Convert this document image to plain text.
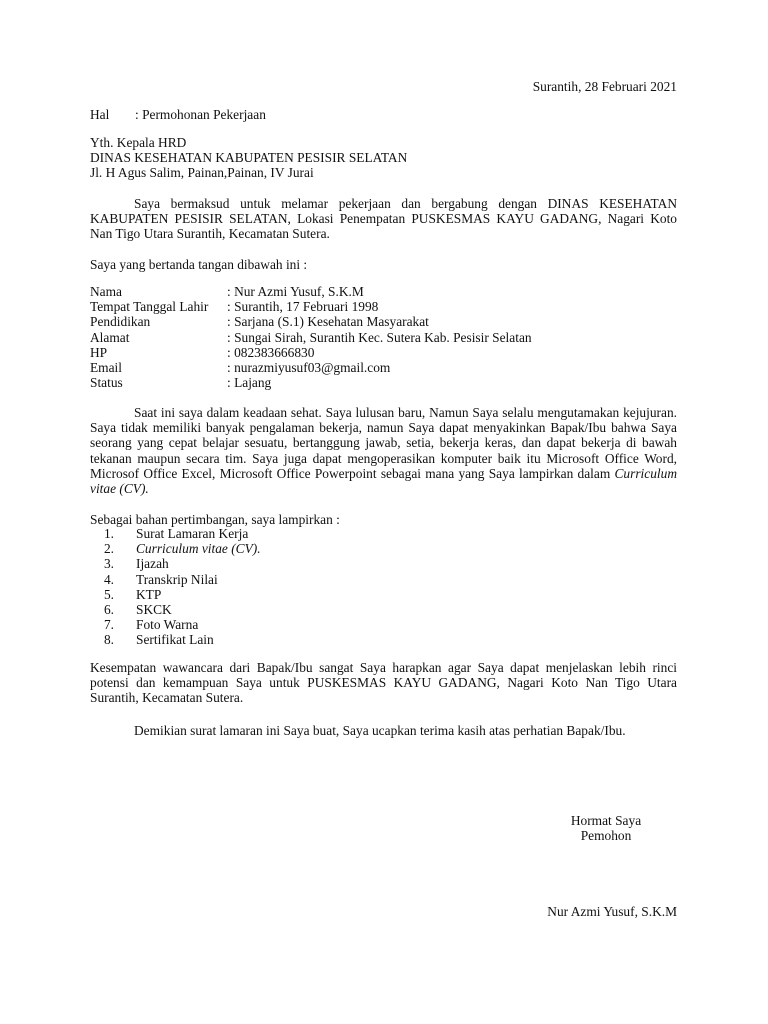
Surantih, 28 Februari 2021
Hal : Permohonan Pekerjaan
Yth. Kepala HRD
DINAS KESEHATAN KABUPATEN PESISIR SELATAN
Jl. H Agus Salim, Painan,Painan, IV Jurai
Saya bermaksud untuk melamar pekerjaan dan bergabung dengan DINAS KESEHATAN KABUPATEN PESISIR SELATAN, Lokasi Penempatan PUSKESMAS KAYU GADANG, Nagari Koto Nan Tigo Utara Surantih, Kecamatan Sutera.
Saya yang bertanda tangan dibawah ini :
Nama	: Nur Azmi Yusuf, S.K.M
Tempat Tanggal Lahir : Surantih, 17 Februari 1998
Pendidikan	: Sarjana (S.1) Kesehatan Masyarakat
Alamat	: Sungai Sirah, Surantih Kec. Sutera Kab. Pesisir Selatan
HP	: 082383666830
Email	: nurazmiyusuf03@gmail.com
Status	: Lajang
Saat ini saya dalam keadaan sehat. Saya lulusan baru, Namun Saya selalu mengutamakan kejujuran. Saya tidak memiliki banyak pengalaman bekerja, namun Saya dapat menyakinkan Bapak/Ibu bahwa Saya seorang yang cepat belajar sesuatu, bertanggung jawab, setia, bekerja keras, dan dapat bekerja di bawah tekanan maupun secara tim. Saya juga dapat mengoperasikan komputer baik itu Microsoft Office Word, Microsof Office Excel, Microsoft Office Powerpoint sebagai mana yang Saya lampirkan dalam Curriculum vitae (CV).
Sebagai bahan pertimbangan, saya lampirkan :
1. Surat Lamaran Kerja
2. Curriculum vitae (CV).
3. Ijazah
4. Transkrip Nilai
5. KTP
6. SKCK
7. Foto Warna
8. Sertifikat Lain
Kesempatan wawancara dari Bapak/Ibu sangat Saya harapkan agar Saya dapat menjelaskan lebih rinci potensi dan kemampuan Saya untuk PUSKESMAS KAYU GADANG, Nagari Koto Nan Tigo Utara Surantih, Kecamatan Sutera.
Demikian surat lamaran ini Saya buat, Saya ucapkan terima kasih atas perhatian Bapak/Ibu.
Hormat Saya
Pemohon
Nur Azmi Yusuf, S.K.M
